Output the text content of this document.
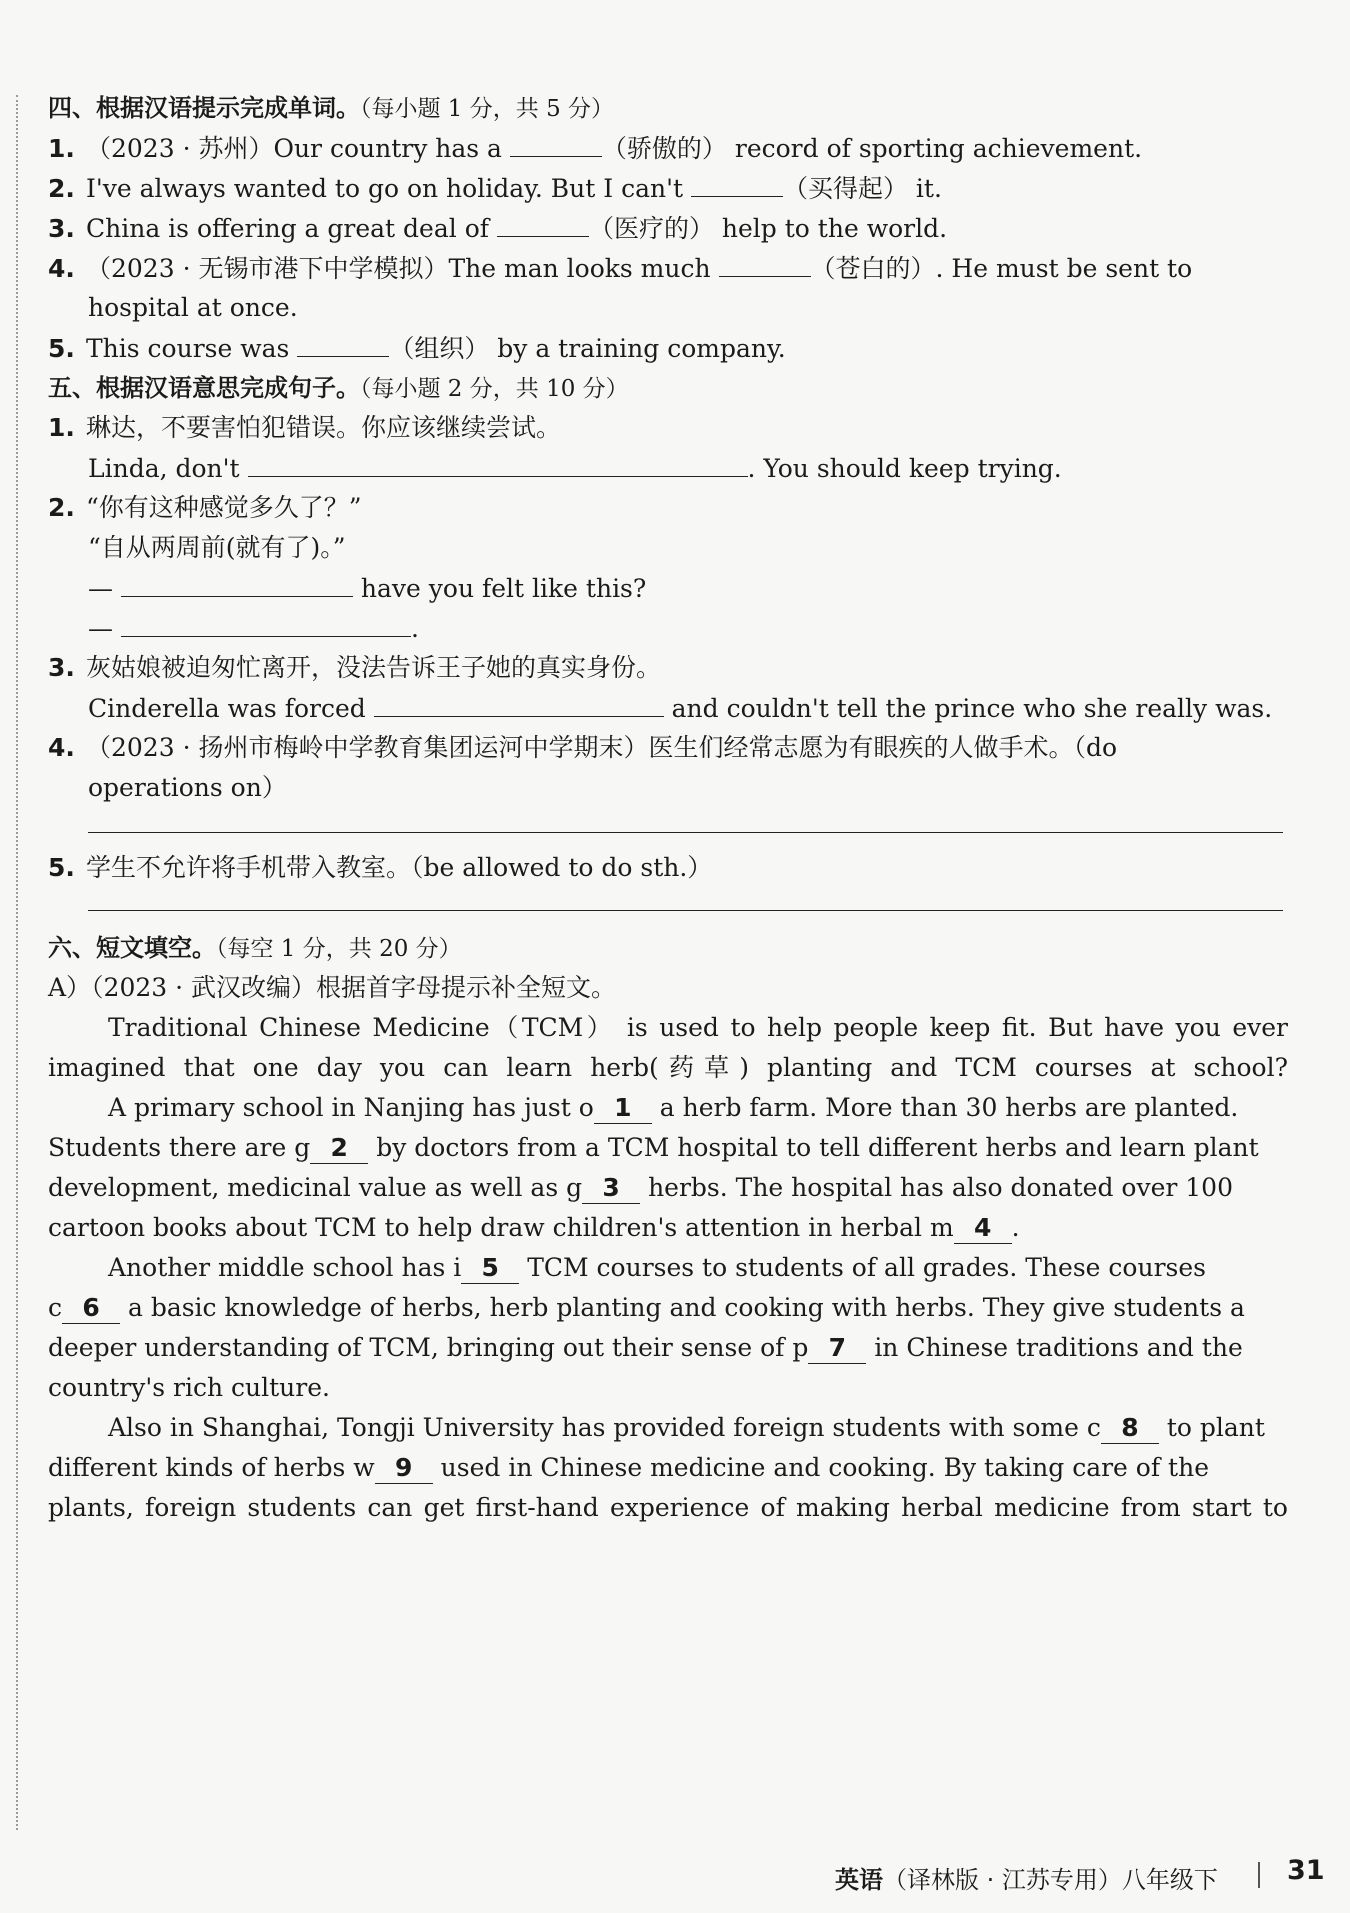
四、根据汉语提示完成单词。（每小题 1 分，共 5 分）
1. （2023 · 苏州）Our country has a	（骄傲的） record of sporting achievement.
2. I've always wanted to go on holiday. But I can't	（买得起） it.
3. China is offering a great deal of	（医疗的） help to the world.
4. （2023 · 无锡市港下中学模拟）The man looks much	（苍白的）. He must be sent to
hospital at once.
5. This course was	（组织） by a training company.
五、根据汉语意思完成句子。（每小题 2 分，共 10 分）
1. 琳达，不要害怕犯错误。你应该继续尝试。
Linda, don't	. You should keep trying.
2. “你有这种感觉多久了？”
“自从两周前(就有了)。”
—	have you felt like this?
—	.
3. 灰姑娘被迫匆忙离开，没法告诉王子她的真实身份。
Cinderella was forced	and couldn't tell the prince who she really was.
4. （2023 · 扬州市梅岭中学教育集团运河中学期末）医生们经常志愿为有眼疾的人做手术。（do
operations on）
5. 学生不允许将手机带入教室。（be allowed to do sth.）
六、短文填空。（每空 1 分，共 20 分）
A）（2023 · 武汉改编）根据首字母提示补全短文。
Traditional Chinese Medicine（TCM） is used to help people keep fit. But have you ever
imagined that one day you can learn herb(药草) planting and TCM courses at school?
A primary school in Nanjing has just o 1 a herb farm. More than 30 herbs are planted.
Students there are g 2 by doctors from a TCM hospital to tell different herbs and learn plant
development, medicinal value as well as g 3 herbs. The hospital has also donated over 100
cartoon books about TCM to help draw children's attention in herbal m 4 .
Another middle school has i 5 TCM courses to students of all grades. These courses
c 6 a basic knowledge of herbs, herb planting and cooking with herbs. They give students a
deeper understanding of TCM, bringing out their sense of p 7 in Chinese traditions and the
country's rich culture.
Also in Shanghai, Tongji University has provided foreign students with some c 8 to plant
different kinds of herbs w 9 used in Chinese medicine and cooking. By taking care of the
plants, foreign students can get first-hand experience of making herbal medicine from start to
英语（译林版 · 江苏专用）八年级下	31
